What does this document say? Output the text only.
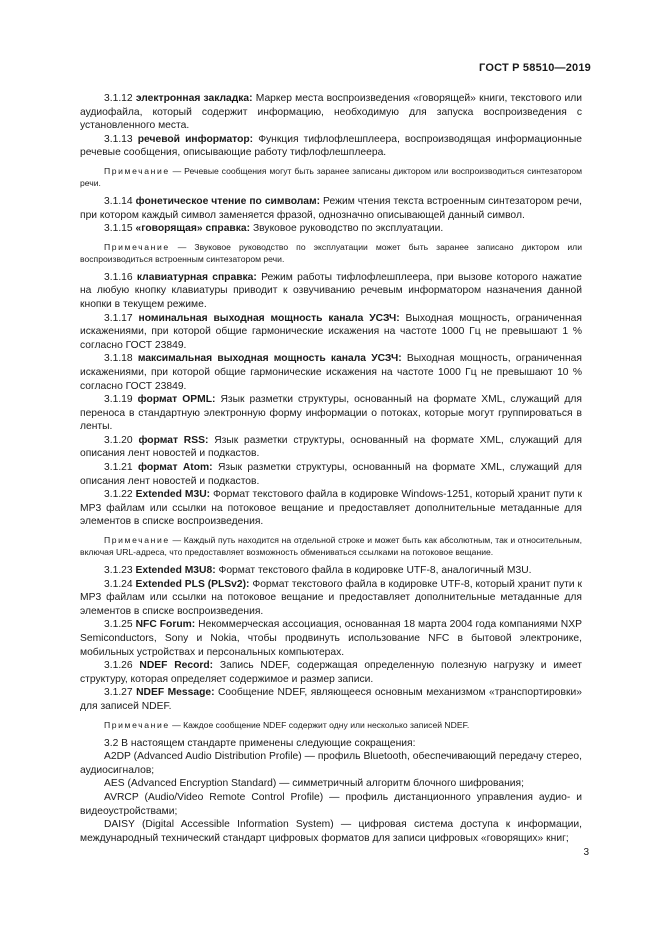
ГОСТ Р 58510—2019

3.1.12 электронная закладка: Маркер места воспроизведения «говорящей» книги, текстового или аудиофайла, который содержит информацию, необходимую для запуска воспроизведения с установленного места.

3.1.13 речевой информатор: Функция тифлофлешплеера, воспроизводящая информационные речевые сообщения, описывающие работу тифлофлешплеера.

Примечание — Речевые сообщения могут быть заранее записаны диктором или воспроизводиться синтезатором речи.

3.1.14 фонетическое чтение по символам: Режим чтения текста встроенным синтезатором речи, при котором каждый символ заменяется фразой, однозначно описывающей данный символ.

3.1.15 «говорящая» справка: Звуковое руководство по эксплуатации.

Примечание — Звуковое руководство по эксплуатации может быть заранее записано диктором или воспроизводиться встроенным синтезатором речи.

3.1.16 клавиатурная справка: Режим работы тифлофлешплеера, при вызове которого нажатие на любую кнопку клавиатуры приводит к озвучиванию речевым информатором назначения данной кнопки в текущем режиме.

3.1.17 номинальная выходная мощность канала УСЗЧ: Выходная мощность, ограниченная искажениями, при которой общие гармонические искажения на частоте 1000 Гц не превышают 1 % согласно ГОСТ 23849.

3.1.18 максимальная выходная мощность канала УСЗЧ: Выходная мощность, ограниченная искажениями, при которой общие гармонические искажения на частоте 1000 Гц не превышают 10 % согласно ГОСТ 23849.

3.1.19 формат OPML: Язык разметки структуры, основанный на формате XML, служащий для переноса в стандартную электронную форму информации о потоках, которые могут группироваться в ленты.

3.1.20 формат RSS: Язык разметки структуры, основанный на формате XML, служащий для описания лент новостей и подкастов.

3.1.21 формат Atom: Язык разметки структуры, основанный на формате XML, служащий для описания лент новостей и подкастов.

3.1.22 Extended M3U: Формат текстового файла в кодировке Windows-1251, который хранит пути к MP3 файлам или ссылки на потоковое вещание и предоставляет дополнительные метаданные для элементов в списке воспроизведения.

Примечание — Каждый путь находится на отдельной строке и может быть как абсолютным, так и относительным, включая URL-адреса, что предоставляет возможность обмениваться ссылками на потоковое вещание.

3.1.23 Extended M3U8: Формат текстового файла в кодировке UTF-8, аналогичный M3U.

3.1.24 Extended PLS (PLSv2): Формат текстового файла в кодировке UTF-8, который хранит пути к MP3 файлам или ссылки на потоковое вещание и предоставляет дополнительные метаданные для элементов в списке воспроизведения.

3.1.25 NFC Forum: Некоммерческая ассоциация, основанная 18 марта 2004 года компаниями NXP Semiconductors, Sony и Nokia, чтобы продвинуть использование NFC в бытовой электронике, мобильных устройствах и персональных компьютерах.

3.1.26 NDEF Record: Запись NDEF, содержащая определенную полезную нагрузку и имеет структуру, которая определяет содержимое и размер записи.

3.1.27 NDEF Message: Сообщение NDEF, являющееся основным механизмом «транспортировки» для записей NDEF.

Примечание — Каждое сообщение NDEF содержит одну или несколько записей NDEF.

3.2 В настоящем стандарте применены следующие сокращения:

A2DP (Advanced Audio Distribution Profile) — профиль Bluetooth, обеспечивающий передачу стерео, аудиосигналов;

AES (Advanced Encryption Standard) — симметричный алгоритм блочного шифрования;

AVRCP (Audio/Video Remote Control Profile) — профиль дистанционного управления аудио- и видеоустройствами;

DAISY (Digital Accessible Information System) — цифровая система доступа к информации, международный технический стандарт цифровых форматов для записи цифровых «говорящих» книг;

3
